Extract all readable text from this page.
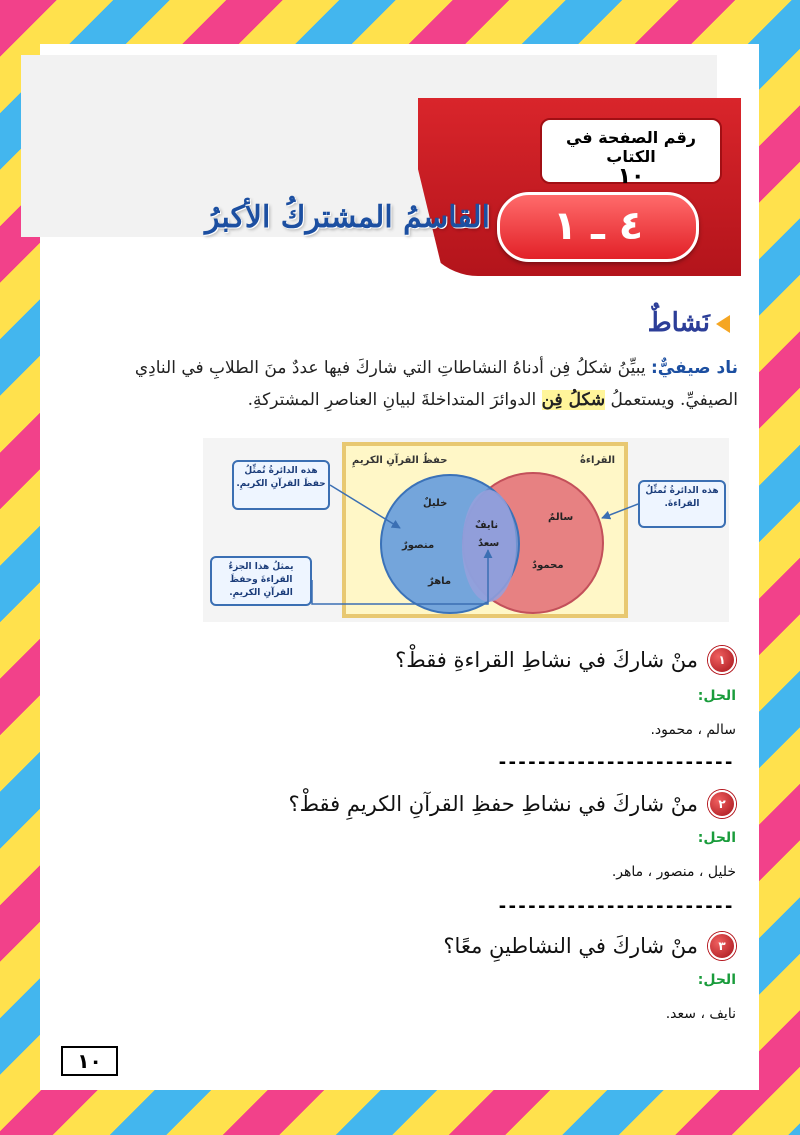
رقم الصفحة في الكتاب
١٠
٤ ـ ١
القاسمُ المشتركُ الأكبرُ
نَشاطٌ
ناد صيفيٌّ: يبيِّنُ شكلُ فِن أدناهُ النشاطاتِ التي شاركَ فيها عددٌ منَ الطلابِ في النادِي الصيفيِّ. ويستعملُ شكلُ فِن الدوائرَ المتداخلةَ لبيانِ العناصرِ المشتركةِ.
حفظُ القرآنِ الكريمِ	القراءةُ
خليلٌ
منصورٌ
ماهرٌ
نايفٌ
سعدٌ
سالمٌ
محمودٌ
هذه الدائرةُ تُمثِّلُ حفظَ القرآنِ الكريمِ.
هذه الدائرةُ تُمثِّلُ القراءةَ.
يمثلُ هذا الجزءُ القراءةَ وحفظَ القرآنِ الكريمِ.
١
منْ شاركَ في نشاطِ القراءةِ فقطْ؟
الحل:
سالم ، محمود.
------------------------
٢
منْ شاركَ في نشاطِ حفظِ القرآنِ الكريمِ فقطْ؟
الحل:
خليل ، منصور ، ماهر.
------------------------
٣
منْ شاركَ في النشاطينِ معًا؟
الحل:
نايف ، سعد.
١٠
